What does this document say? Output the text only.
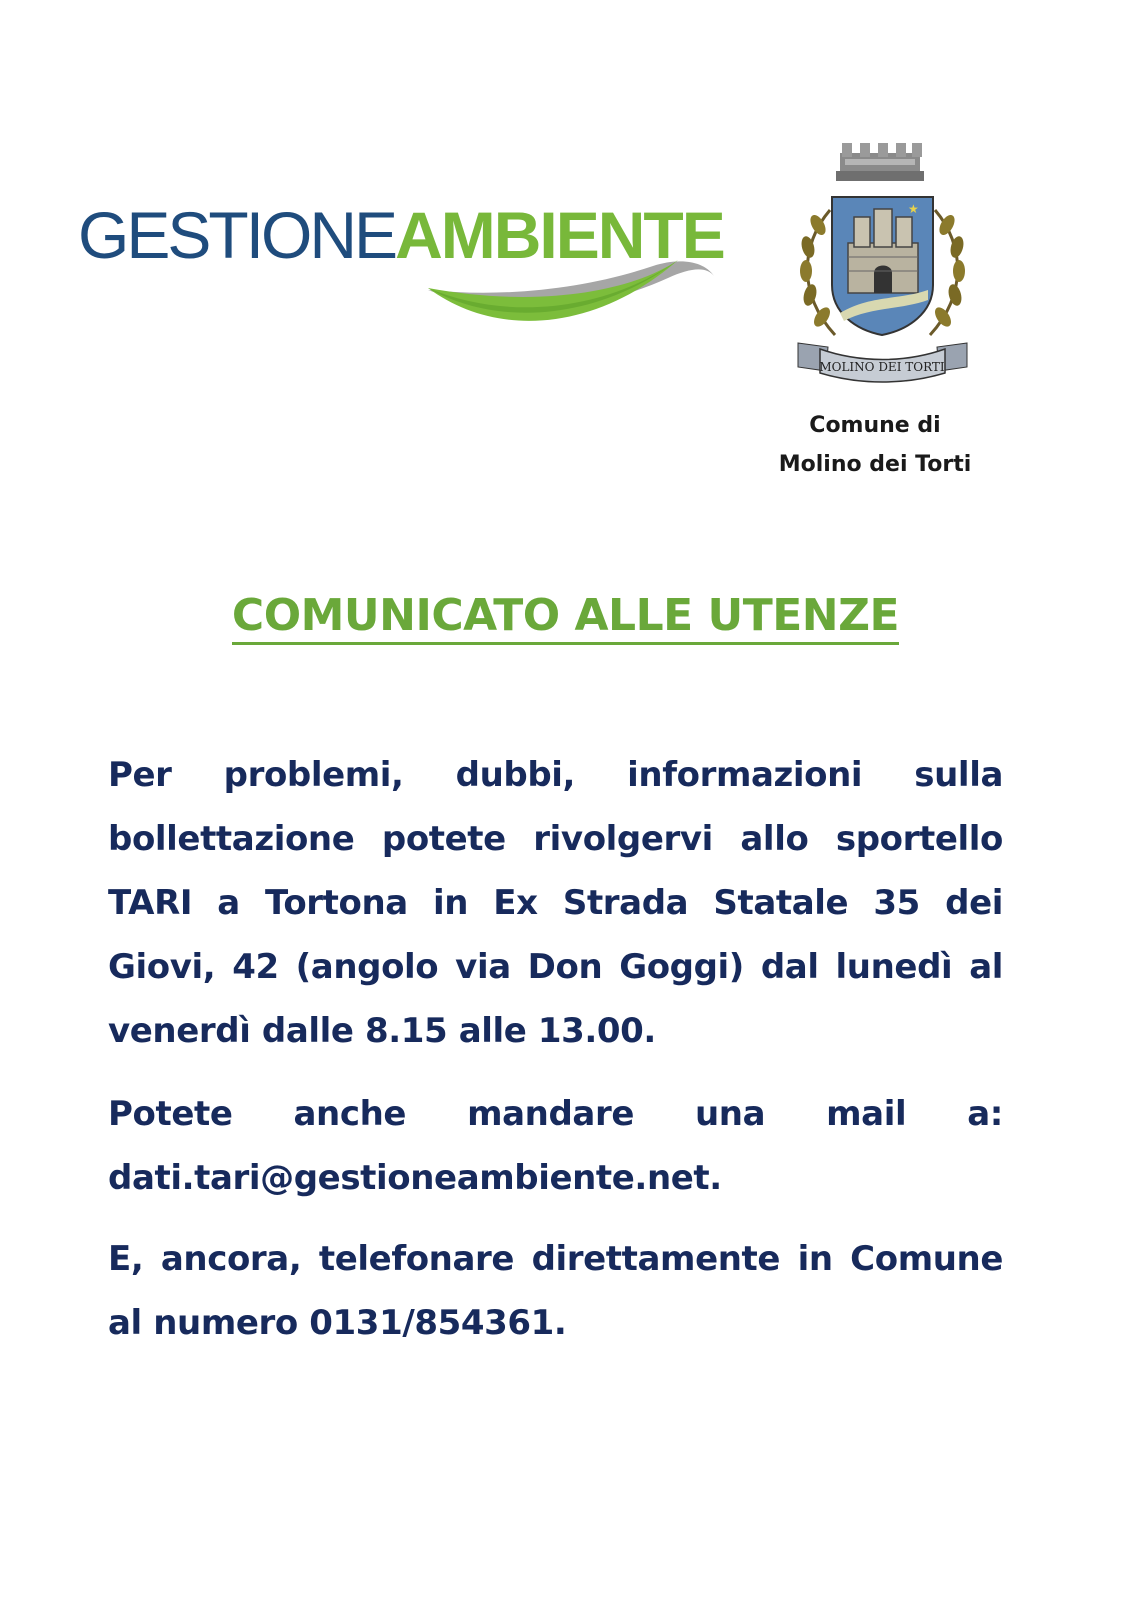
GESTIONEAMBIENTE	★
MOLINO DEI TORTI
Comune di
Molino dei Torti
COMUNICATO ALLE UTENZE

Per problemi, dubbi, informazioni sulla bollettazione potete rivolgervi allo sportello TARI a Tortona in Ex Strada Statale 35 dei Giovi, 42 (angolo via Don Goggi) dal lunedì al venerdì dalle 8.15 alle 13.00.

Potete anche mandare una mail a: dati.tari@gestioneambiente.net.

E, ancora, telefonare direttamente in Comune al numero 0131/854361.
